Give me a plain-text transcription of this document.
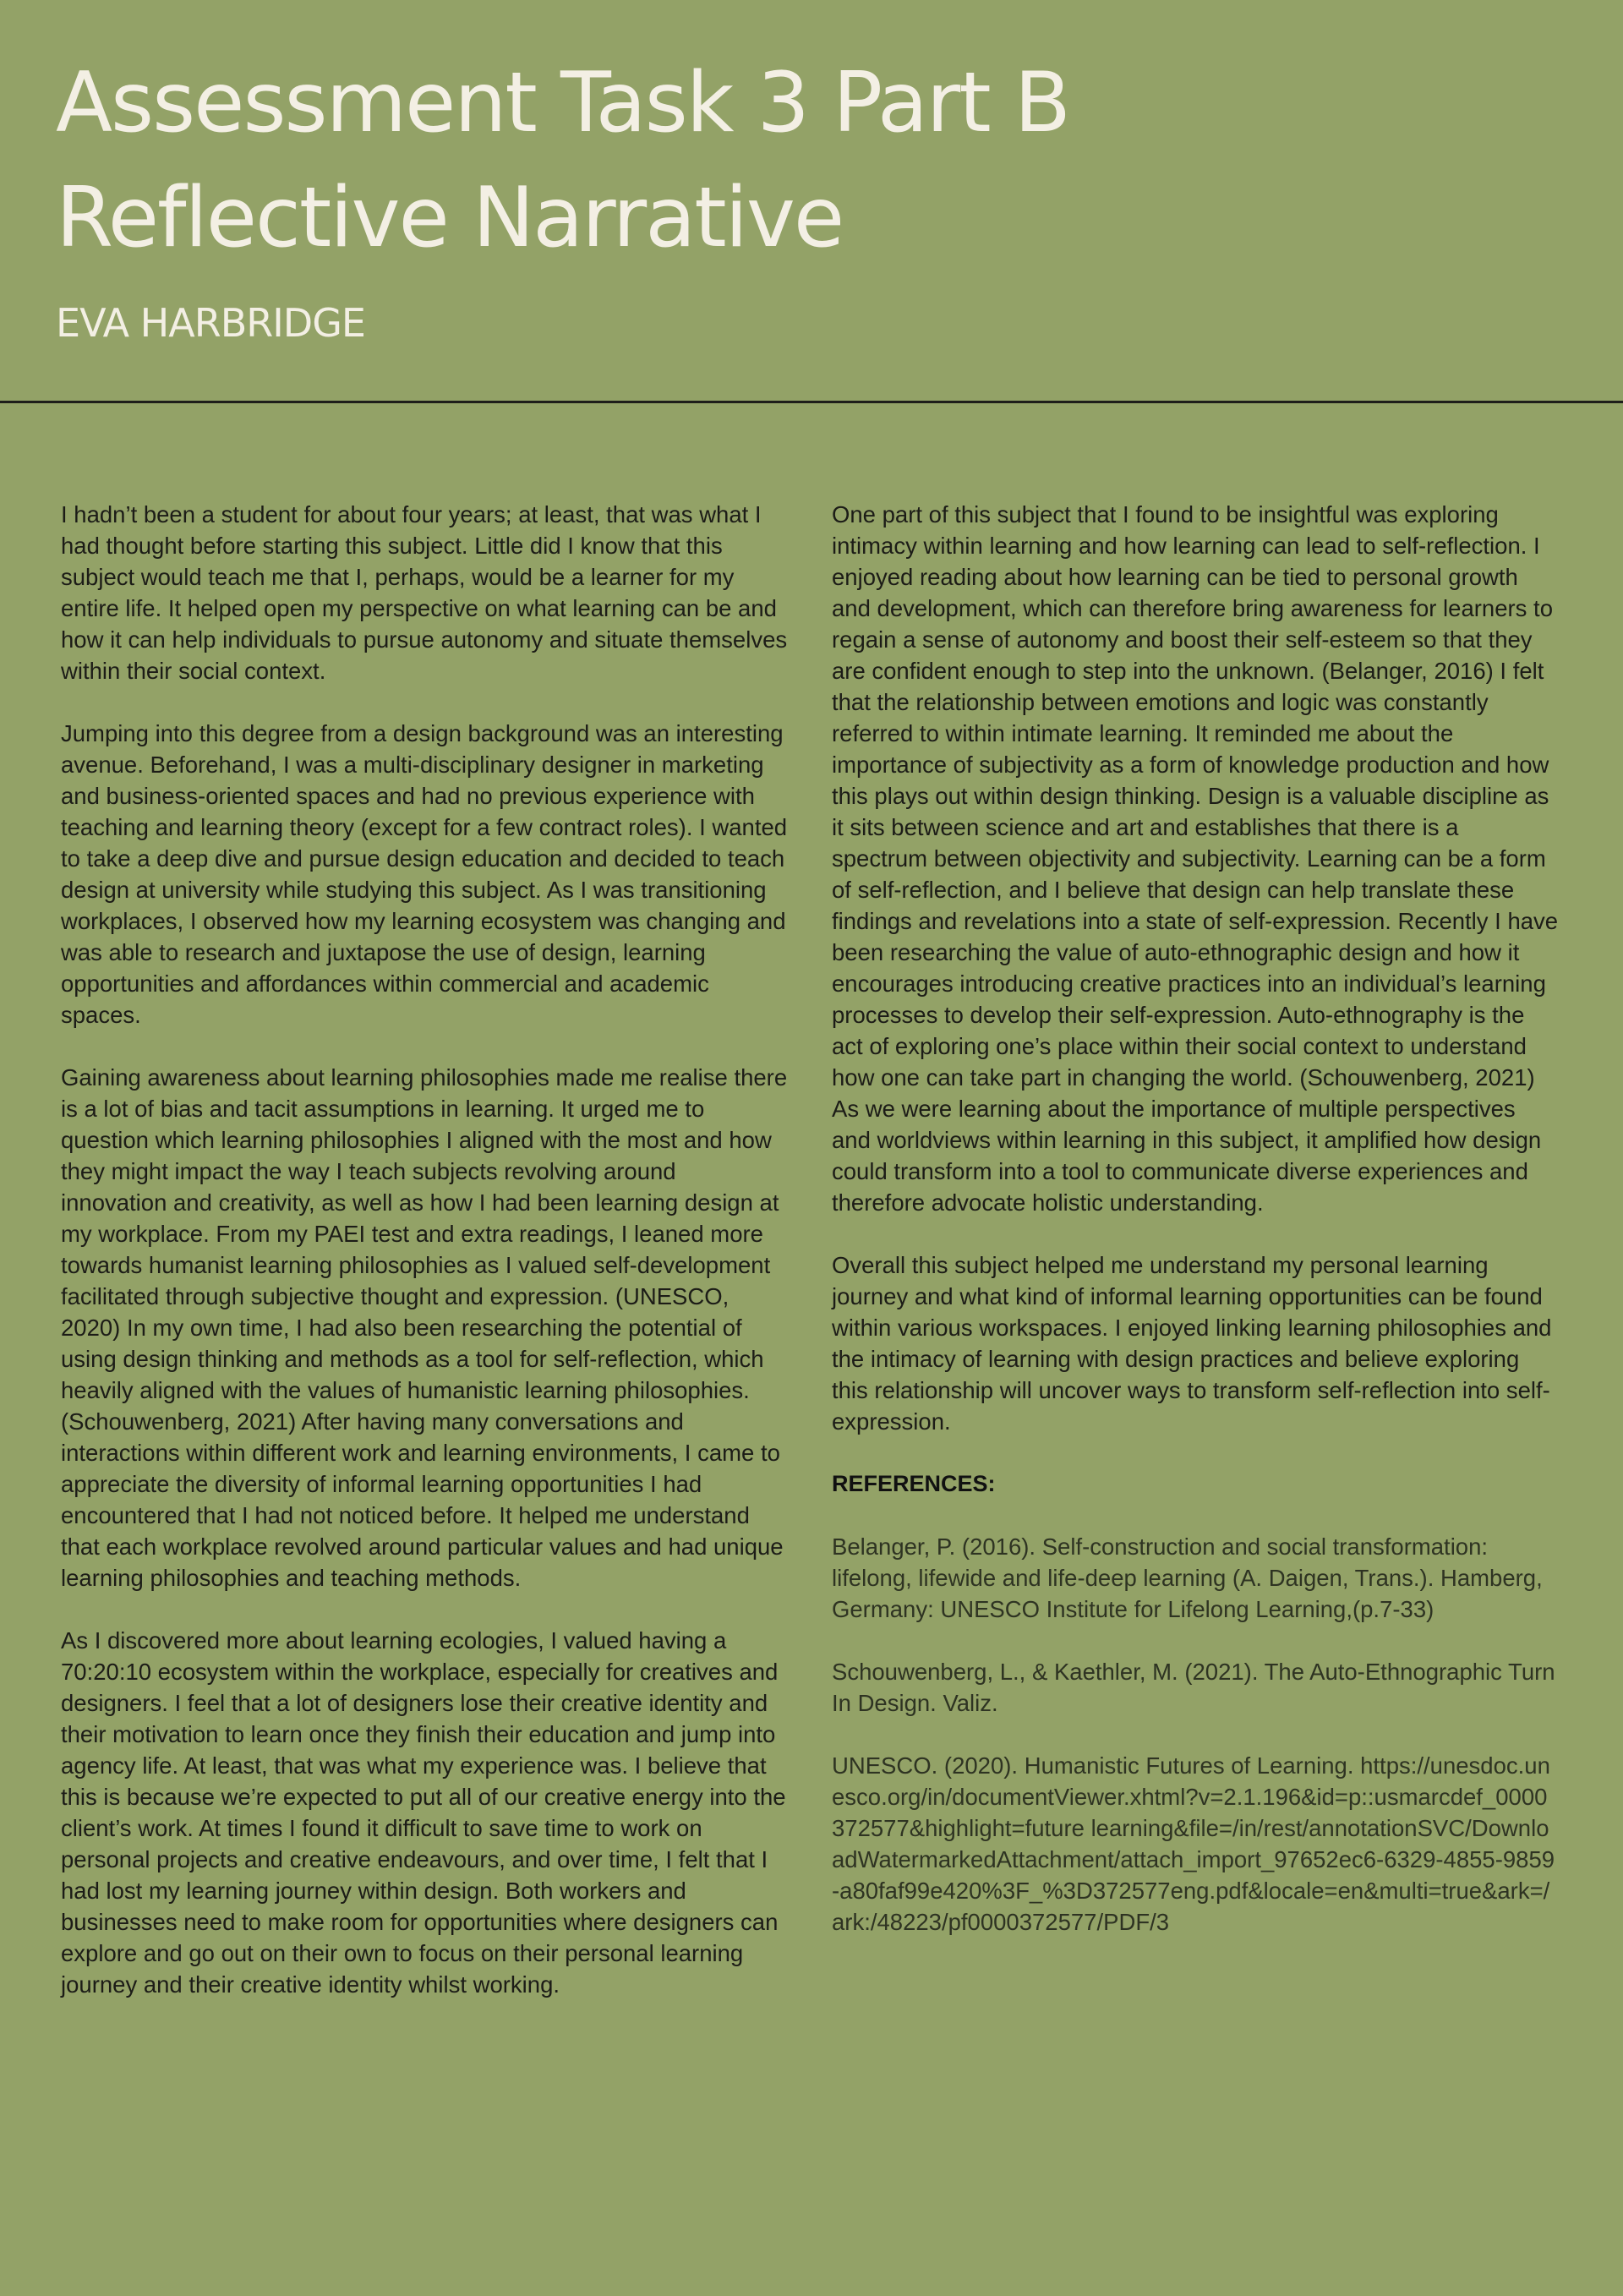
Assessment Task 3 Part B
Reflective Narrative
EVA HARBRIDGE

I hadn’t been a student for about four years; at least, that was what I had thought before starting this subject. Little did I know that this subject would teach me that I, perhaps, would be a learner for my entire life. It helped open my perspective on what learning can be and how it can help individuals to pursue autonomy and situate themselves within their social context.

Jumping into this degree from a design background was an interesting avenue. Beforehand, I was a multi-disciplinary designer in marketing and business-oriented spaces and had no previous experience with teaching and learning theory (except for a few contract roles). I wanted to take a deep dive and pursue design education and decided to teach design at university while studying this subject. As I was transitioning workplaces, I observed how my learning ecosystem was changing and was able to research and juxtapose the use of design, learning opportunities and affordances within commercial and academic spaces.

Gaining awareness about learning philosophies made me realise there is a lot of bias and tacit assumptions in learning. It urged me to question which learning philosophies I aligned with the most and how they might impact the way I teach subjects revolving around innovation and creativity, as well as how I had been learning design at my workplace. From my PAEI test and extra readings, I leaned more towards humanist learning philosophies as I valued self-development facilitated through subjective thought and expression. (UNESCO, 2020) In my own time, I had also been researching the potential of using design thinking and methods as a tool for self-reflection, which heavily aligned with the values of humanistic learning philosophies. (Schouwenberg, 2021) After having many conversations and interactions within different work and learning environments, I came to appreciate the diversity of informal learning opportunities I had encountered that I had not noticed before. It helped me understand that each workplace revolved around particular values and had unique learning philosophies and teaching methods.

As I discovered more about learning ecologies, I valued having a 70:20:10 ecosystem within the workplace, especially for creatives and designers. I feel that a lot of designers lose their creative identity and their motivation to learn once they finish their education and jump into agency life. At least, that was what my experience was. I believe that this is because we’re expected to put all of our creative energy into the client’s work. At times I found it difficult to save time to work on personal projects and creative endeavours, and over time, I felt that I had lost my learning journey within design. Both workers and businesses need to make room for opportunities where designers can explore and go out on their own to focus on their personal learning journey and their creative identity whilst working.

One part of this subject that I found to be insightful was exploring intimacy within learning and how learning can lead to self-reflection. I enjoyed reading about how learning can be tied to personal growth and development, which can therefore bring awareness for learners to regain a sense of autonomy and boost their self-esteem so that they are confident enough to step into the unknown. (Belanger, 2016) I felt that the relationship between emotions and logic was constantly referred to within intimate learning. It reminded me about the importance of subjectivity as a form of knowledge production and how this plays out within design thinking. Design is a valuable discipline as it sits between science and art and establishes that there is a spectrum between objectivity and subjectivity. Learning can be a form of self-reflection, and I believe that design can help translate these findings and revelations into a state of self-expression. Recently I have been researching the value of auto-ethnographic design and how it encourages introducing creative practices into an individual’s learning processes to develop their self-expression. Auto-ethnography is the act of exploring one’s place within their social context to understand how one can take part in changing the world. (Schouwenberg, 2021) As we were learning about the importance of multiple perspectives and worldviews within learning in this subject, it amplified how design could transform into a tool to communicate diverse experiences and therefore advocate holistic understanding.

Overall this subject helped me understand my personal learning journey and what kind of informal learning opportunities can be found within various workspaces. I enjoyed linking learning philosophies and the intimacy of learning with design practices and believe exploring this relationship will uncover ways to transform self-reflection into self-expression.

REFERENCES:

Belanger, P. (2016). Self-construction and social transformation: lifelong, lifewide and life-deep learning (A. Daigen, Trans.). Hamberg, Germany: UNESCO Institute for Lifelong Learning,(p.7-33)

Schouwenberg, L., & Kaethler, M. (2021). The Auto-Ethnographic Turn In Design. Valiz.

UNESCO. (2020). Humanistic Futures of Learning. https://unesdoc.unesco.org/in/documentViewer.xhtml?v=2.1.196&id=p::usmarcdef_0000372577&highlight=future learning&file=/in/rest/annotationSVC/DownloadWatermarkedAttachment/attach_import_97652ec6-6329-4855-9859-a80faf99e420%3F_%3D372577eng.pdf&locale=en&multi=true&ark=/ark:/48223/pf0000372577/PDF/3
